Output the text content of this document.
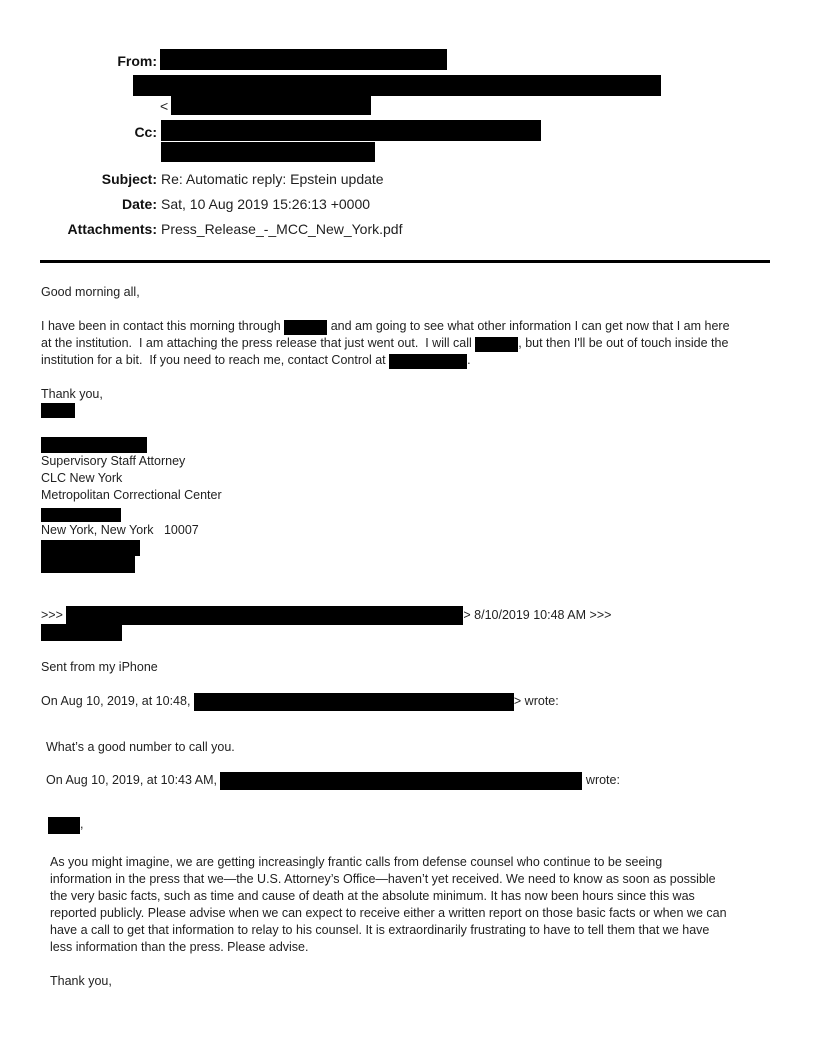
From:
<
Cc:
Subject: Re: Automatic reply: Epstein update
Date: Sat, 10 Aug 2019 15:26:13 +0000
Attachments: Press_Release_-_MCC_New_York.pdf
Good morning all,
I have been in contact this morning through	and am going to see what other information I can get now that I am here
at the institution.  I am attaching the press release that just went out.  I will call	, but then I'll be out of touch inside the
institution for a bit.  If you need to reach me, contact Control at	.
Thank you,
Supervisory Staff Attorney
CLC New York
Metropolitan Correctional Center
New York, New York   10007
>>>	> 8/10/2019 10:48 AM >>>
Sent from my iPhone
On Aug 10, 2019, at 10:48,	> wrote:
What’s a good number to call you.
On Aug 10, 2019, at 10:43 AM,	wrote:
,
As you might imagine, we are getting increasingly frantic calls from defense counsel who continue to be seeing
information in the press that we—the U.S. Attorney’s Office—haven’t yet received. We need to know as soon as possible
the very basic facts, such as time and cause of death at the absolute minimum. It has now been hours since this was
reported publicly. Please advise when we can expect to receive either a written report on those basic facts or when we can
have a call to get that information to relay to his counsel. It is extraordinarily frustrating to have to tell them that we have
less information than the press. Please advise.
Thank you,
